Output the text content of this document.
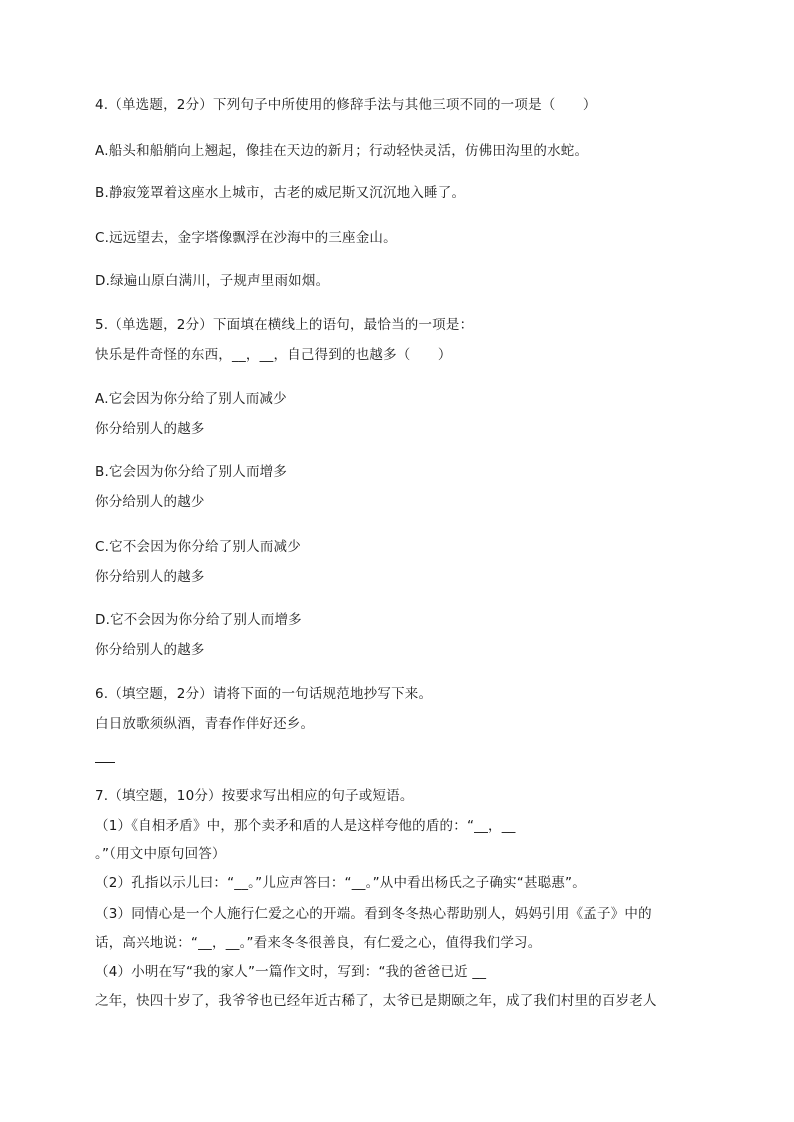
4.（单选题，2分）下列句子中所使用的修辞手法与其他三项不同的一项是（　　）
A.船头和船艄向上翘起，像挂在天边的新月；行动轻快灵活，仿佛田沟里的水蛇。
B.静寂笼罩着这座水上城市，古老的威尼斯又沉沉地入睡了。
C.远远望去，金字塔像飘浮在沙海中的三座金山。
D.绿遍山原白满川，子规声里雨如烟。
5.（单选题，2分）下面填在横线上的语句，最恰当的一项是：
快乐是件奇怪的东西，__，__，自己得到的也越多（　　）
A.它会因为你分给了别人而减少
你分给别人的越多
B.它会因为你分给了别人而增多
你分给别人的越少
C.它不会因为你分给了别人而减少
你分给别人的越多
D.它不会因为你分给了别人而增多
你分给别人的越多
6.（填空题，2分）请将下面的一句话规范地抄写下来。
白日放歌须纵酒，青春作伴好还乡。
7.（填空题，10分）按要求写出相应的句子或短语。
（1）《自相矛盾》中，那个卖矛和盾的人是这样夸他的盾的：“__，__
。”（用文中原句回答）
（2）孔指以示儿曰：“__。”儿应声答曰：“__。”从中看出杨氏之子确实“甚聪惠”。
（3）同情心是一个人施行仁爱之心的开端。看到冬冬热心帮助别人，妈妈引用《孟子》中的
话，高兴地说：“__，__。”看来冬冬很善良，有仁爱之心，值得我们学习。
（4）小明在写“我的家人”一篇作文时，写到：“我的爸爸已近 __
之年，快四十岁了，我爷爷也已经年近古稀了，太爷已是期颐之年，成了我们村里的百岁老人
